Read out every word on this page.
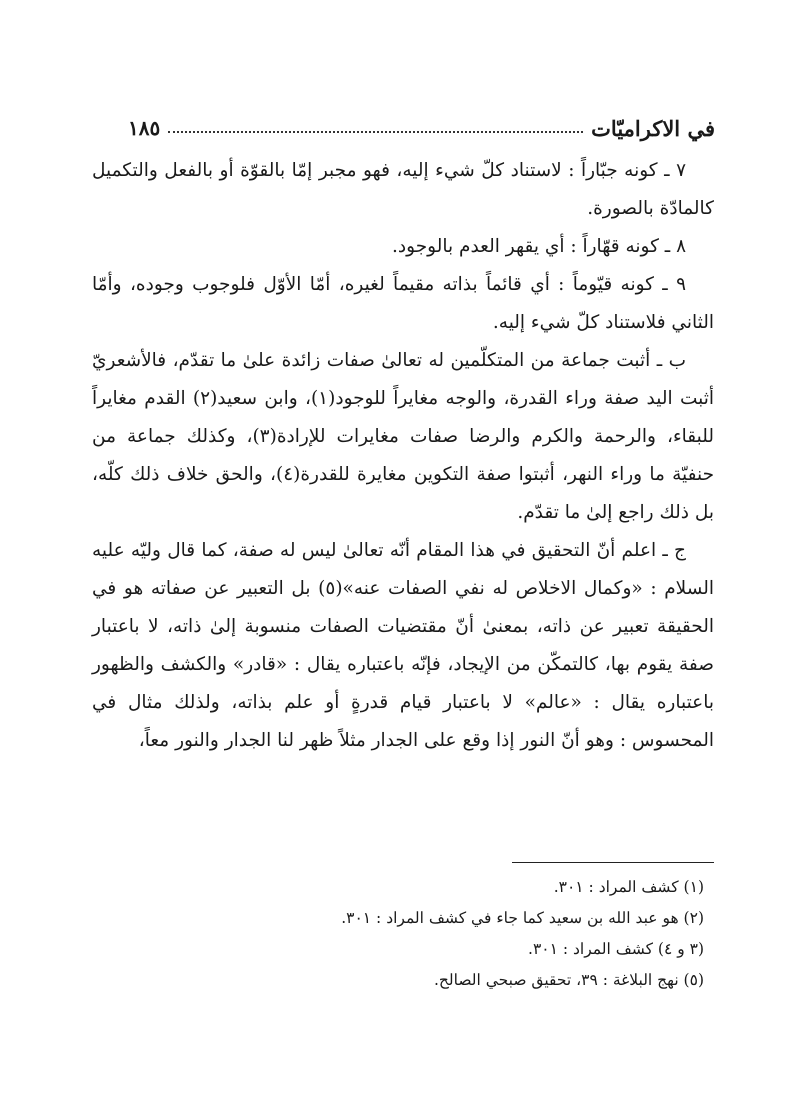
في الاكراميّات
١٨٥

٧ ـ كونه جبّاراً : لاستناد كلّ شيء إليه، فهو مجبر إمّا بالقوّة أو بالفعل والتكميل كالمادّة بالصورة.

٨ ـ كونه قهّاراً : أي يقهر العدم بالوجود.

٩ ـ كونه قيّوماً : أي قائماً بذاته مقيماً لغيره، أمّا الأوّل فلوجوب وجوده، وأمّا الثاني فلاستناد كلّ شيء إليه.

ب ـ أثبت جماعة من المتكلّمين له تعالىٰ صفات زائدة علىٰ ما تقدّم، فالأشعريّ أثبت اليد صفة وراء القدرة، والوجه مغايراً للوجود(١)، وابن سعيد(٢) القدم مغايراً للبقاء، والرحمة والكرم والرضا صفات مغايرات للإرادة(٣)، وكذلك جماعة من حنفيّة ما وراء النهر، أثبتوا صفة التكوين مغايرة للقدرة(٤)، والحق خلاف ذلك كلّه، بل ذلك راجع إلىٰ ما تقدّم.

ج ـ اعلم أنّ التحقيق في هذا المقام أنّه تعالىٰ ليس له صفة، كما قال وليّه عليه السلام : «وكمال الاخلاص له نفي الصفات عنه»(٥) بل التعبير عن صفاته هو في الحقيقة تعبير عن ذاته، بمعنىٰ أنّ مقتضيات الصفات منسوبة إلىٰ ذاته، لا باعتبار صفة يقوم بها، كالتمكّن من الإيجاد، فإنّه باعتباره يقال : «قادر» والكشف والظهور باعتباره يقال : «عالم» لا باعتبار قيام قدرةٍ أو علم بذاته، ولذلك مثال في المحسوس : وهو أنّ النور إذا وقع على الجدار مثلاً ظهر لنا الجدار والنور معاً،

(١) كشف المراد : ٣٠١.
(٢) هو عبد الله بن سعيد كما جاء في كشف المراد : ٣٠١.
(٣ و ٤) كشف المراد : ٣٠١.
(٥) نهج البلاغة : ٣٩، تحقيق صبحي الصالح.
